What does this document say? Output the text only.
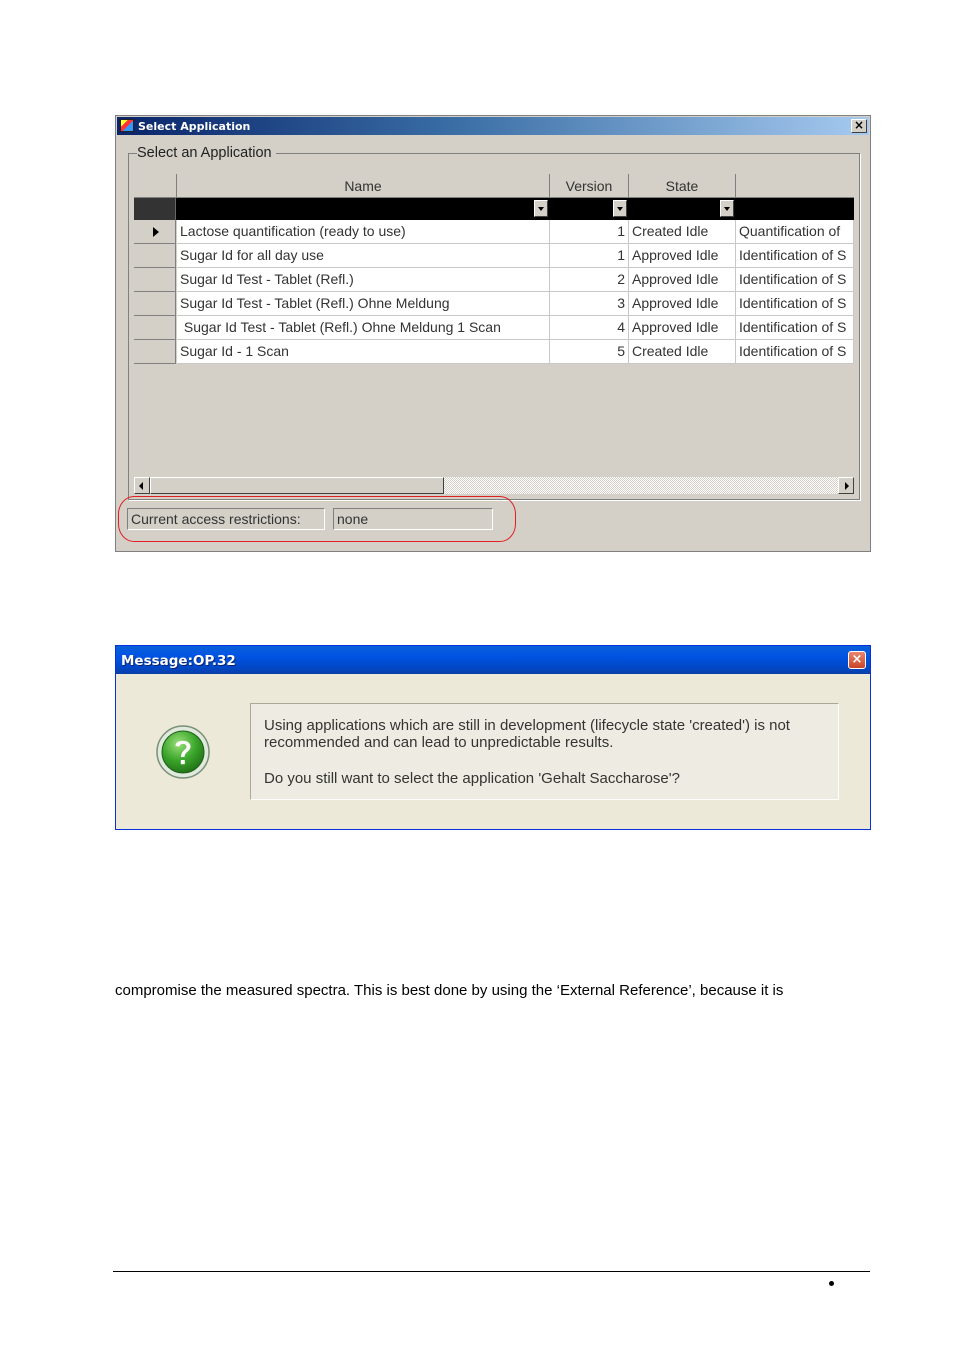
Select Application	×
Select an Application
Name	Version	State
Lactose quantification (ready to use)	1 Created Idle	Quantification of
Sugar Id for all day use	1 Approved Idle	Identification of S
Sugar Id Test - Tablet (Refl.)	2 Approved Idle	Identification of S
Sugar Id Test - Tablet (Refl.) Ohne Meldung	3 Approved Idle	Identification of S
Sugar Id Test - Tablet (Refl.) Ohne Meldung 1 Scan	4 Approved Idle	Identification of S
Sugar Id - 1 Scan	5 Created Idle	Identification of S
Current access restrictions:	none
Message:OP.32	×
Using applications which are still in development (lifecycle state 'created') is not
recommended and can lead to unpredictable results.
Do you still want to select the application 'Gehalt Saccharose'?
compromise the measured spectra. This is best done by using the ‘External Reference’, because it is
